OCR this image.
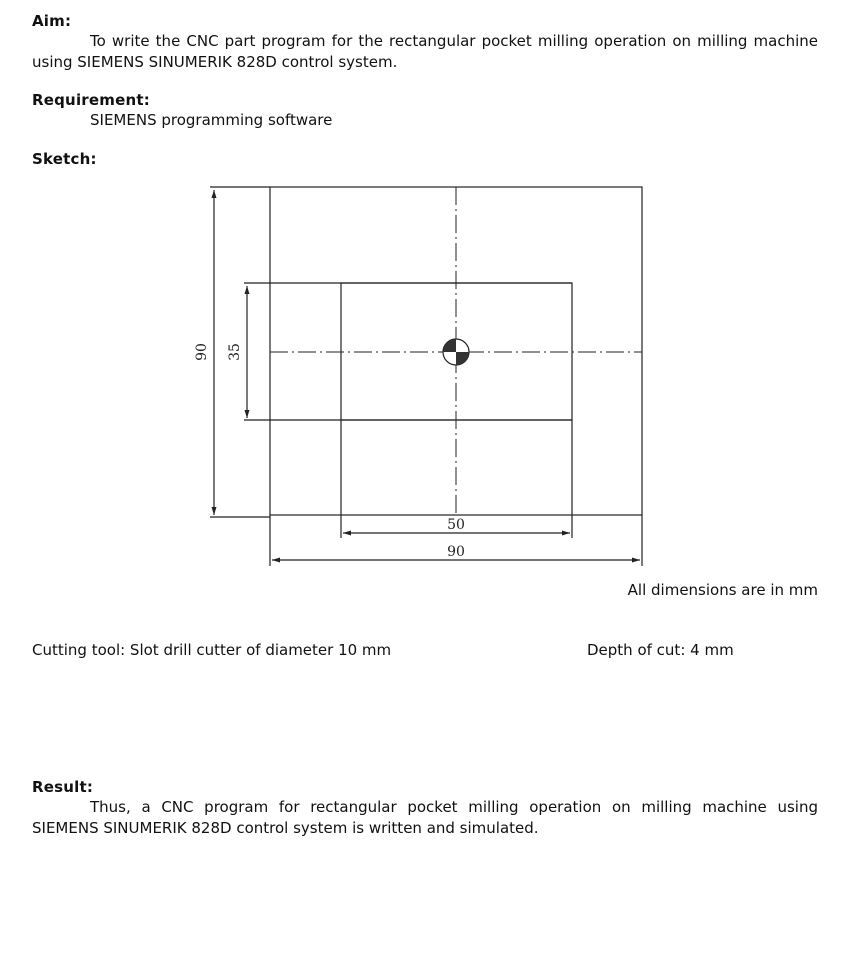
Aim:
To write the CNC part program for the rectangular pocket milling operation on milling machine using SIEMENS SINUMERIK 828D control system.
Requirement:
SIEMENS programming software
Sketch:
90 35
50
90
All dimensions are in mm
Cutting tool: Slot drill cutter of diameter 10 mm	Depth of cut: 4 mm
Result:
Thus, a CNC program for rectangular pocket milling operation on milling machine using SIEMENS SINUMERIK 828D control system is written and simulated.
